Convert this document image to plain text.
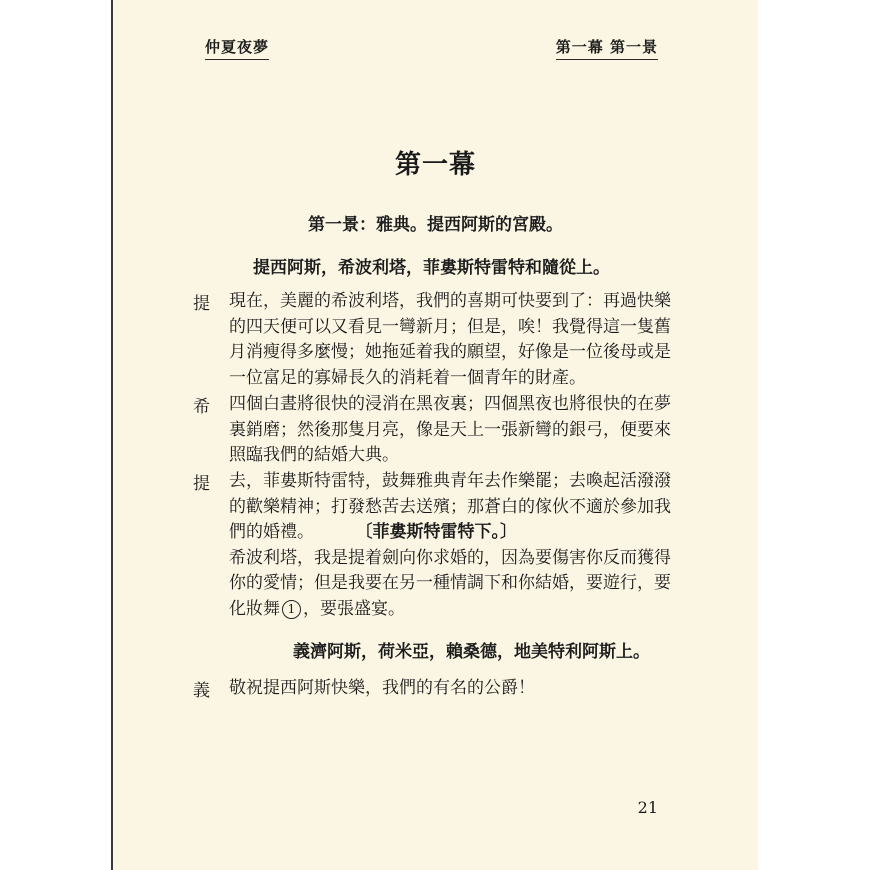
仲夏夜夢	第一幕 第一景
第一幕
第一景：雅典。提西阿斯的宮殿。
提西阿斯，希波利塔，菲婁斯特雷特和隨從上。
提 現在，美麗的希波利塔，我們的喜期可快要到了：再過快樂
的四天便可以又看見一彎新月；但是，唉！我覺得這一隻舊
月消瘦得多麼慢；她拖延着我的願望，好像是一位後母或是
一位富足的寡婦長久的消耗着一個青年的財產。
希 四個白晝將很快的浸消在黑夜裏；四個黑夜也將很快的在夢
裏銷磨；然後那隻月亮，像是天上一張新彎的銀弓，便要來
照臨我們的結婚大典。
提 去，菲婁斯特雷特，鼓舞雅典青年去作樂罷；去喚起活潑潑
的歡樂精神；打發愁苦去送殯；那蒼白的傢伙不適於參加我
們的婚禮。	〔菲婁斯特雷特下。〕
希波利塔，我是提着劍向你求婚的，因為要傷害你反而獲得
你的愛情；但是我要在另一種情調下和你結婚，要遊行，要
化妝舞 1 ，要張盛宴。
義濟阿斯，荷米亞，賴桑德，地美特利阿斯上。
義 敬祝提西阿斯快樂，我們的有名的公爵！
21
